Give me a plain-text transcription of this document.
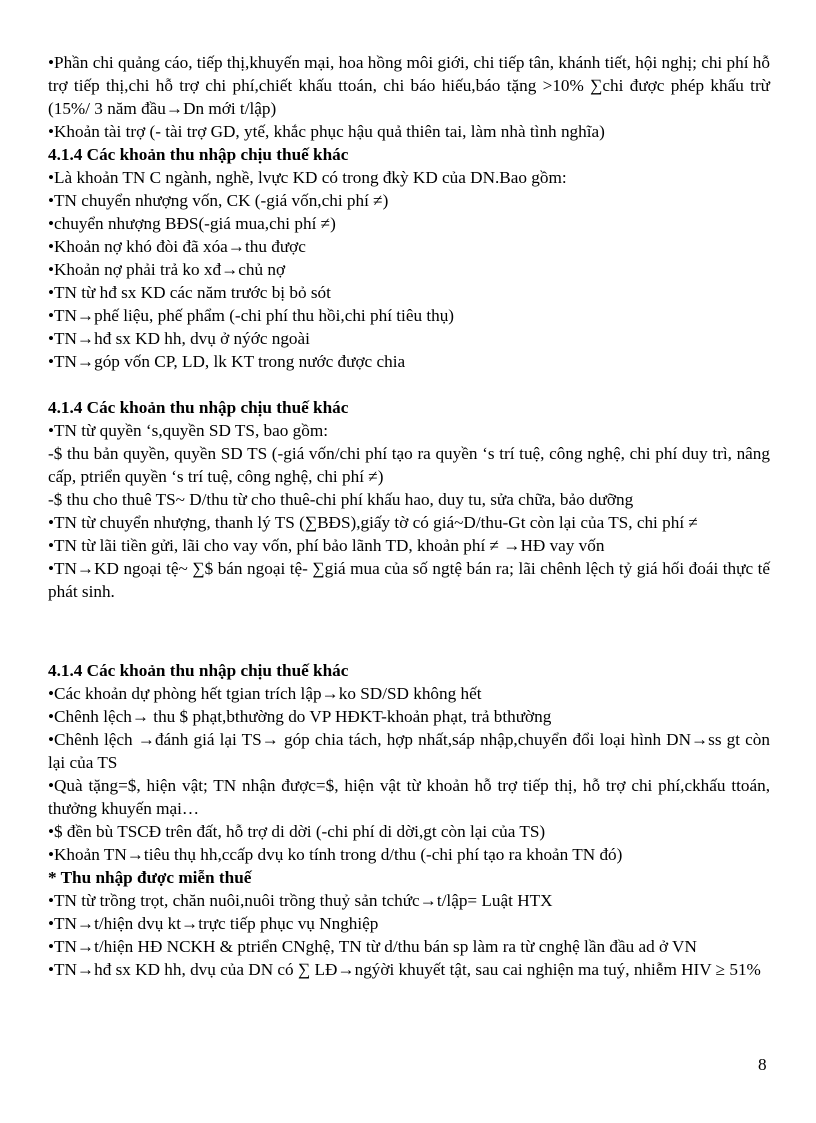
•Phần chi quảng cáo, tiếp thị,khuyến mại, hoa hồng môi giới, chi tiếp tân, khánh tiết, hội nghị; chi phí hỗ trợ tiếp thị,chi hỗ trợ chi phí,chiết khấu ttoán, chi báo hiếu,báo tặng >10% ∑chi được phép khấu trừ (15%/ 3 năm đầu→Dn mới t/lập)

•Khoản tài trợ (- tài trợ GD, ytế, khắc phục hậu quả thiên tai, làm nhà tình nghĩa)

4.1.4 Các khoản thu nhập chịu thuế khác

•Là khoản TN C ngành, nghề, lvực KD có trong đkỳ KD của DN.Bao gồm:

•TN chuyển nhượng vốn, CK (-giá vốn,chi phí ≠)

•chuyển nhượng BĐS(-giá mua,chi phí ≠)

•Khoản nợ khó đòi đã xóa→thu được

•Khoản nợ phải trả ko xđ→chủ nợ

•TN từ hđ sx KD các năm trước bị bỏ sót

•TN→phế liệu, phế phẩm (-chi phí thu hồi,chi phí tiêu thụ)

•TN→hđ sx KD hh, dvụ ở nýớc ngoài

•TN→góp vốn CP, LD, lk KT trong nước được chia

4.1.4 Các khoản thu nhập chịu thuế khác

•TN từ quyền ‘s,quyền SD TS, bao gồm:

-$ thu bản quyền, quyền SD TS (-giá vốn/chi phí tạo ra quyền ‘s trí tuệ, công nghệ, chi phí duy trì, nâng cấp, ptriển quyền ‘s trí tuệ, công nghệ, chi phí ≠)

-$ thu cho thuê TS~ D/thu từ cho thuê-chi phí khấu hao, duy tu, sửa chữa, bảo dưỡng

•TN từ chuyển nhượng, thanh lý TS (∑BĐS),giấy tờ có giá~D/thu-Gt còn lại của TS, chi phí ≠

•TN từ lãi tiền gửi, lãi cho vay vốn, phí bảo lãnh TD, khoản phí ≠ →HĐ vay vốn

•TN→KD ngoại tệ~ ∑$ bán ngoại tệ- ∑giá mua của số ngtệ bán ra; lãi chênh lệch tỷ giá hối đoái thực tế phát sinh.

4.1.4 Các khoản thu nhập chịu thuế khác

•Các khoản dự phòng hết tgian trích lập→ko SD/SD không hết

•Chênh lệch→ thu $ phạt,bthường do VP HĐKT-khoản phạt, trả bthường

•Chênh lệch →đánh giá lại TS→ góp chia tách, hợp nhất,sáp nhập,chuyển đổi loại hình DN→ss gt còn lại của TS

•Quà tặng=$, hiện vật; TN nhận được=$, hiện vật từ khoản hỗ trợ tiếp thị, hỗ trợ chi phí,ckhấu ttoán, thưởng khuyến mại…

•$ đền bù TSCĐ trên đất, hỗ trợ di dời (-chi phí di dời,gt còn lại của TS)

•Khoản TN→tiêu thụ hh,ccấp dvụ ko tính trong d/thu (-chi phí tạo ra khoản TN đó)

* Thu nhập được miễn thuế

•TN từ trồng trọt, chăn nuôi,nuôi trồng thuỷ sản tchức→t/lập= Luật HTX

•TN→t/hiện dvụ kt→trực tiếp phục vụ Nnghiệp

•TN→t/hiện HĐ NCKH & ptriển CNghệ, TN từ d/thu bán sp làm ra từ cnghệ lần đầu ad ở VN

•TN→hđ sx KD hh, dvụ của DN có ∑ LĐ→ngýời khuyết tật, sau cai nghiện ma tuý, nhiễm HIV ≥ 51%

8
